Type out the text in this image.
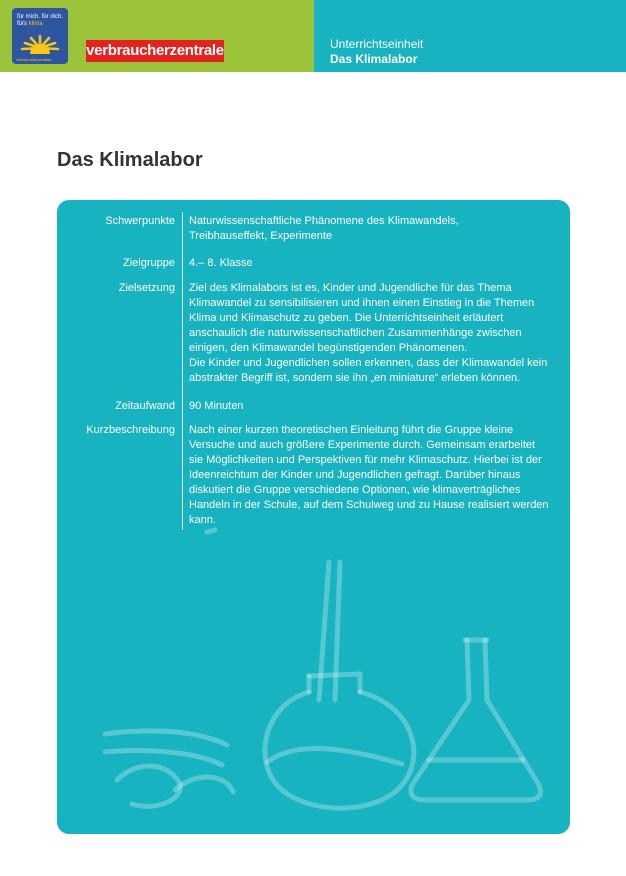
für mich. für dich.
fürs klima
verbraucherzentrale
verbraucherzentrale	Unterrichtseinheit
Das Klimalabor
Das Klimalabor
Schwerpunkte Naturwissenschaftliche Phänomene des Klimawandels,

Treibhauseffekt, Experimente

Zielgruppe 4.– 8. Klasse

Zielsetzung Ziel des Klimalabors ist es, Kinder und Jugendliche für das Thema

Klimawandel zu sensibilisieren und ihnen einen Einstieg in die Themen

Klima und Klimaschutz zu geben. Die Unterrichtseinheit erläutert

anschaulich die naturwissenschaftlichen Zusammenhänge zwischen

einigen, den Klimawandel begünstigenden Phänomenen.

Die Kinder und Jugendlichen sollen erkennen, dass der Klimawandel kein

abstrakter Begriff ist, sondern sie ihn „en miniature“ erleben können.

Zeitaufwand 90 Minuten

Kurzbeschreibung Nach einer kurzen theoretischen Einleitung führt die Gruppe kleine

Versuche und auch größere Experimente durch. Gemeinsam erarbeitet

sie Möglichkeiten und Perspektiven für mehr Klimaschutz. Hierbei ist der

Ideenreichtum der Kinder und Jugendlichen gefragt. Darüber hinaus

diskutiert die Gruppe verschiedene Optionen, wie klimaverträgliches

Handeln in der Schule, auf dem Schulweg und zu Hause realisiert werden

kann.
